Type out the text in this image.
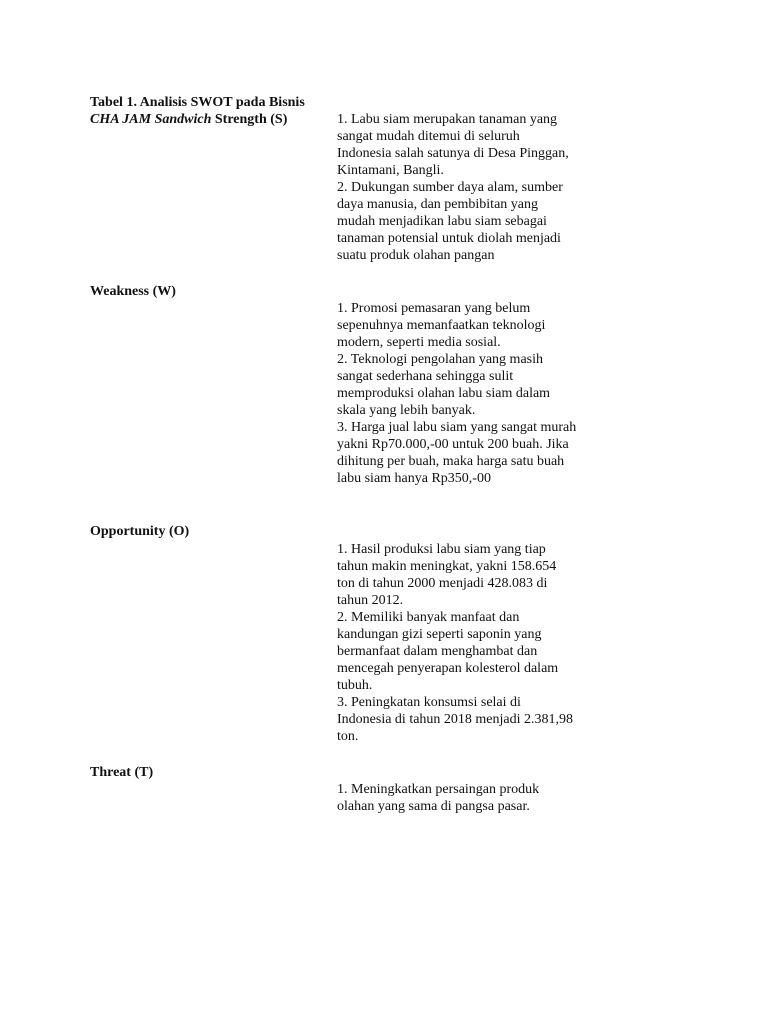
Tabel 1. Analisis SWOT pada Bisnis
CHA JAM Sandwich Strength (S)	1. Labu siam merupakan tanaman yang sangat mudah ditemui di seluruh Indonesia salah satunya di Desa Pinggan, Kintamani, Bangli.

2. Dukungan sumber daya alam, sumber daya manusia, dan pembibitan yang mudah menjadikan labu siam sebagai tanaman potensial untuk diolah menjadi suatu produk olahan pangan

Weakness (W)

1. Promosi pemasaran yang belum sepenuhnya memanfaatkan teknologi modern, seperti media sosial.

2. Teknologi pengolahan yang masih sangat sederhana sehingga sulit memproduksi olahan labu siam dalam skala yang lebih banyak.

3. Harga jual labu siam yang sangat murah yakni Rp70.000,-00 untuk 200 buah. Jika dihitung per buah, maka harga satu buah labu siam hanya Rp350,-00

Opportunity (O)

1. Hasil produksi labu siam yang tiap tahun makin meningkat, yakni 158.654 ton di tahun 2000 menjadi 428.083 di tahun 2012.

2. Memiliki banyak manfaat dan kandungan gizi seperti saponin yang bermanfaat dalam menghambat dan mencegah penyerapan kolesterol dalam tubuh.

3. Peningkatan konsumsi selai di Indonesia di tahun 2018 menjadi 2.381,98 ton.

Threat (T)

1. Meningkatkan persaingan produk olahan yang sama di pangsa pasar.
